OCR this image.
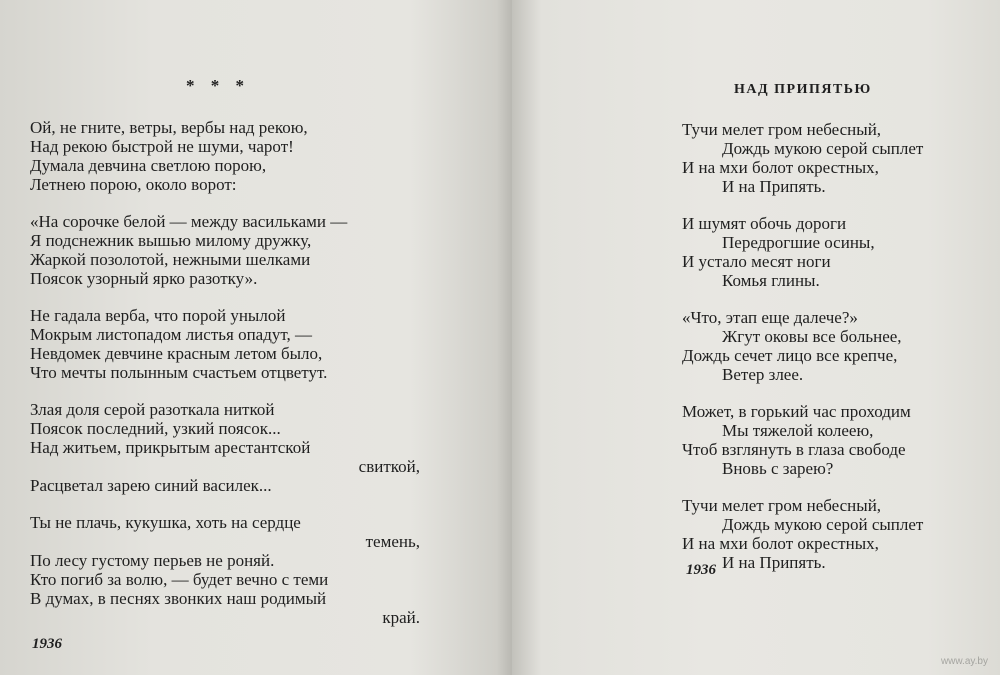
* * *
Ой, не гните, ветры, вербы над рекою,
Над рекою быстрой не шуми, чарот!
Думала девчина светлою порою,
Летнею порою, около ворот:
«На сорочке белой — между васильками —
Я подснежник вышью милому дружку,
Жаркой позолотой, нежными шелками
Поясок узорный ярко разотку».
Не гадала верба, что порой унылой
Мокрым листопадом листья опадут, —
Невдомек девчине красным летом было,
Что мечты полынным счастьем отцветут.
Злая доля серой разоткала ниткой
Поясок последний, узкий поясок...
Над житьем, прикрытым арестантской
свиткой,
Расцветал зарею синий василек...
Ты не плачь, кукушка, хоть на сердце
темень,
По лесу густому перьев не роняй.
Кто погиб за волю, — будет вечно с теми
В думах, в песнях звонких наш родимый
край.
1936
НАД ПРИПЯТЬЮ
Тучи мелет гром небесный,
Дождь мукою серой сыплет
И на мхи болот окрестных,
И на Припять.
И шумят обочь дороги
Передрогшие осины,
И устало месят ноги
Комья глины.
«Что, этап еще далече?»
Жгут оковы все больнее,
Дождь сечет лицо все крепче,
Ветер злее.
Может, в горький час проходим
Мы тяжелой колеею,
Чтоб взглянуть в глаза свободе
Вновь с зарею?
Тучи мелет гром небесный,
Дождь мукою серой сыплет
И на мхи болот окрестных,
И на Припять.
1936
www.ay.by
